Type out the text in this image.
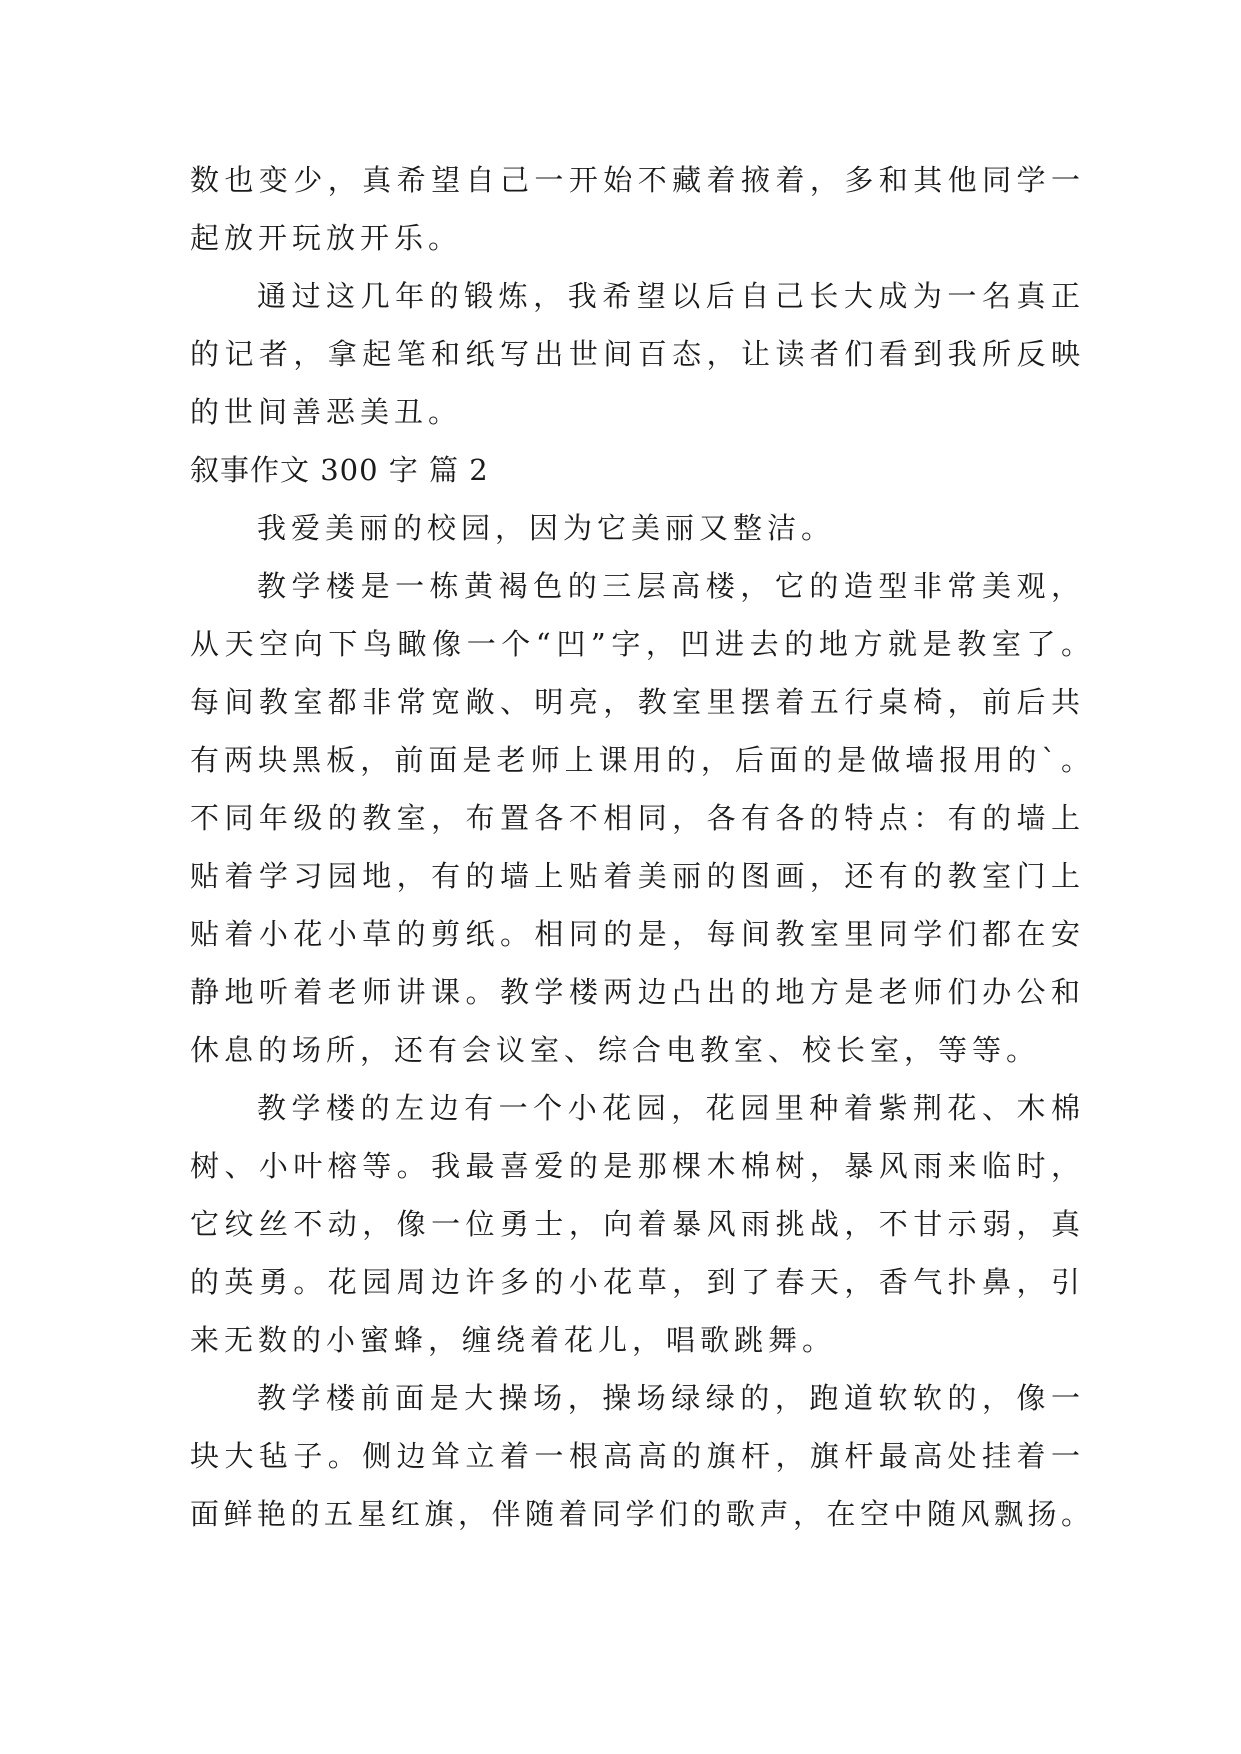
数也变少，真希望自己一开始不藏着掖着，多和其他同学一
起放开玩放开乐。
通过这几年的锻炼，我希望以后自己长大成为一名真正
的记者，拿起笔和纸写出世间百态，让读者们看到我所反映
的世间善恶美丑。
叙事作文 300 字 篇 2
我爱美丽的校园，因为它美丽又整洁。
教学楼是一栋黄褐色的三层高楼，它的造型非常美观，
从天空向下鸟瞰像一个“凹”字，凹进去的地方就是教室了。
每间教室都非常宽敞、明亮，教室里摆着五行桌椅，前后共
有两块黑板，前面是老师上课用的，后面的是做墙报用的`。
不同年级的教室，布置各不相同，各有各的特点：有的墙上
贴着学习园地，有的墙上贴着美丽的图画，还有的教室门上
贴着小花小草的剪纸。相同的是，每间教室里同学们都在安
静地听着老师讲课。教学楼两边凸出的地方是老师们办公和
休息的场所，还有会议室、综合电教室、校长室，等等。
教学楼的左边有一个小花园，花园里种着紫荆花、木棉
树、小叶榕等。我最喜爱的是那棵木棉树，暴风雨来临时，
它纹丝不动，像一位勇士，向着暴风雨挑战，不甘示弱，真
的英勇。花园周边许多的小花草，到了春天，香气扑鼻，引
来无数的小蜜蜂，缠绕着花儿，唱歌跳舞。
教学楼前面是大操场，操场绿绿的，跑道软软的，像一
块大毡子。侧边耸立着一根高高的旗杆，旗杆最高处挂着一
面鲜艳的五星红旗，伴随着同学们的歌声，在空中随风飘扬。
